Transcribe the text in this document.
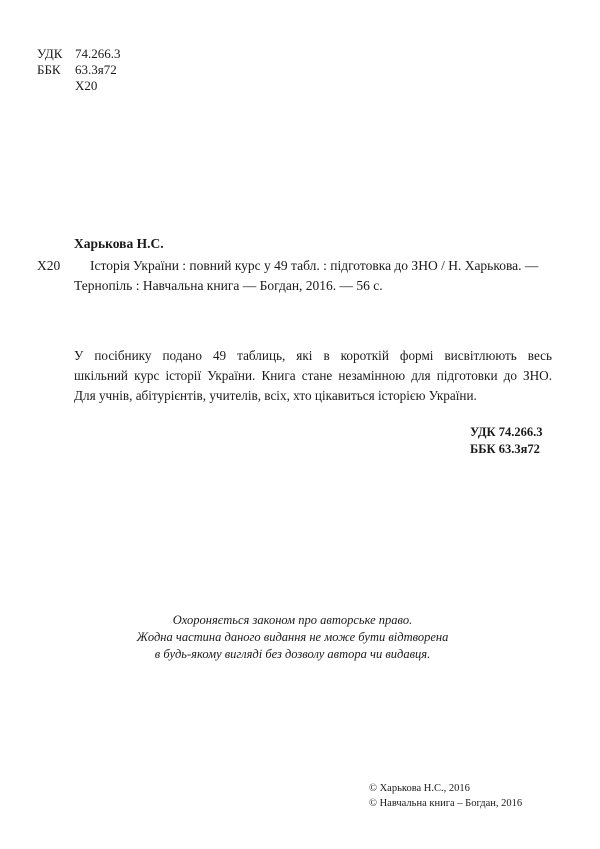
УДК 74.266.3
ББК 63.3я72
Х20
Харькова Н.С.
Х20 Історія України : повний курс у 49 табл. : підготовка до ЗНО / Н. Харькова. —
Тернопіль : Навчальна книга — Богдан, 2016. — 56 с.
У посібнику подано 49 таблиць, які в короткій формі висвітлюють весь
шкільний курс історії України. Книга стане незамінною для підготовки до ЗНО.
Для учнів, абітурієнтів, учителів, всіх, хто цікавиться історією України.
УДК 74.266.3
ББК 63.3я72
Охороняється законом про авторське право.
Жодна частина даного видання не може бути відтворена
в будь-якому вигляді без дозволу автора чи видавця.
© Харькова Н.С., 2016
© Навчальна книга – Богдан, 2016
